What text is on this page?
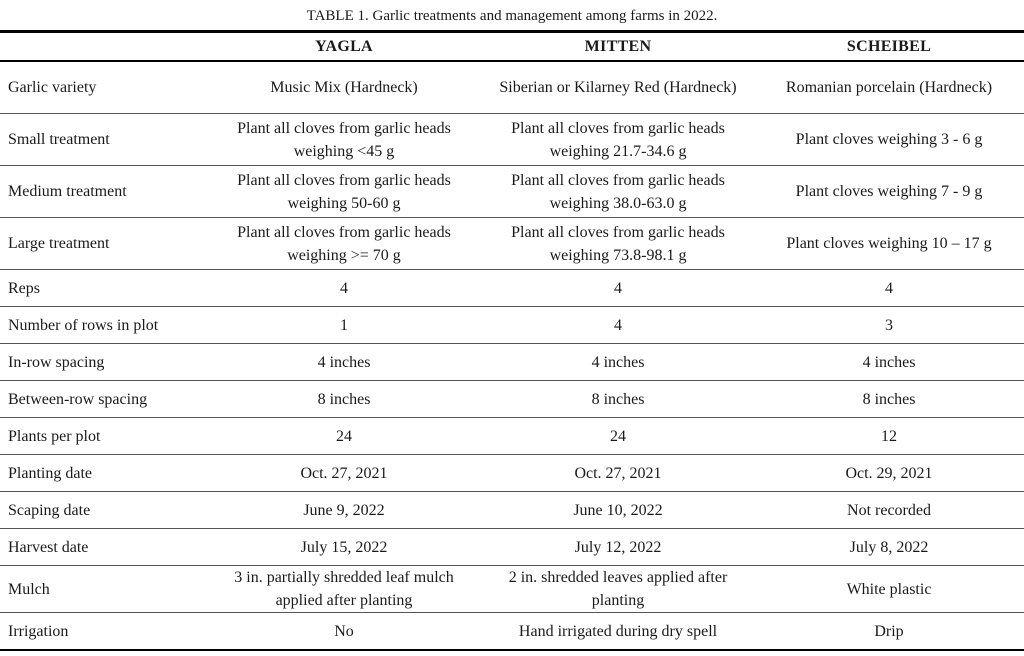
TABLE 1. Garlic treatments and management among farms in 2022.
	YAGLA	MITTEN	SCHEIBEL
Garlic variety	Music Mix (Hardneck)	Siberian or Kilarney Red (Hardneck)	Romanian porcelain (Hardneck)
Small treatment	Plant all cloves from garlic heads weighing <45 g	Plant all cloves from garlic heads weighing 21.7-34.6 g	Plant cloves weighing 3 - 6 g
Medium treatment	Plant all cloves from garlic heads weighing 50-60 g	Plant all cloves from garlic heads weighing 38.0-63.0 g	Plant cloves weighing 7 - 9 g
Large treatment	Plant all cloves from garlic heads weighing >= 70 g	Plant all cloves from garlic heads weighing 73.8-98.1 g	Plant cloves weighing 10 – 17 g
Reps	4	4	4
Number of rows in plot	1	4	3
In-row spacing	4 inches	4 inches	4 inches
Between-row spacing	8 inches	8 inches	8 inches
Plants per plot	24	24	12
Planting date	Oct. 27, 2021	Oct. 27, 2021	Oct. 29, 2021
Scaping date	June 9, 2022	June 10, 2022	Not recorded
Harvest date	July 15, 2022	July 12, 2022	July 8, 2022
Mulch	3 in. partially shredded leaf mulch applied after planting	2 in. shredded leaves applied after planting	White plastic
Irrigation	No	Hand irrigated during dry spell	Drip
